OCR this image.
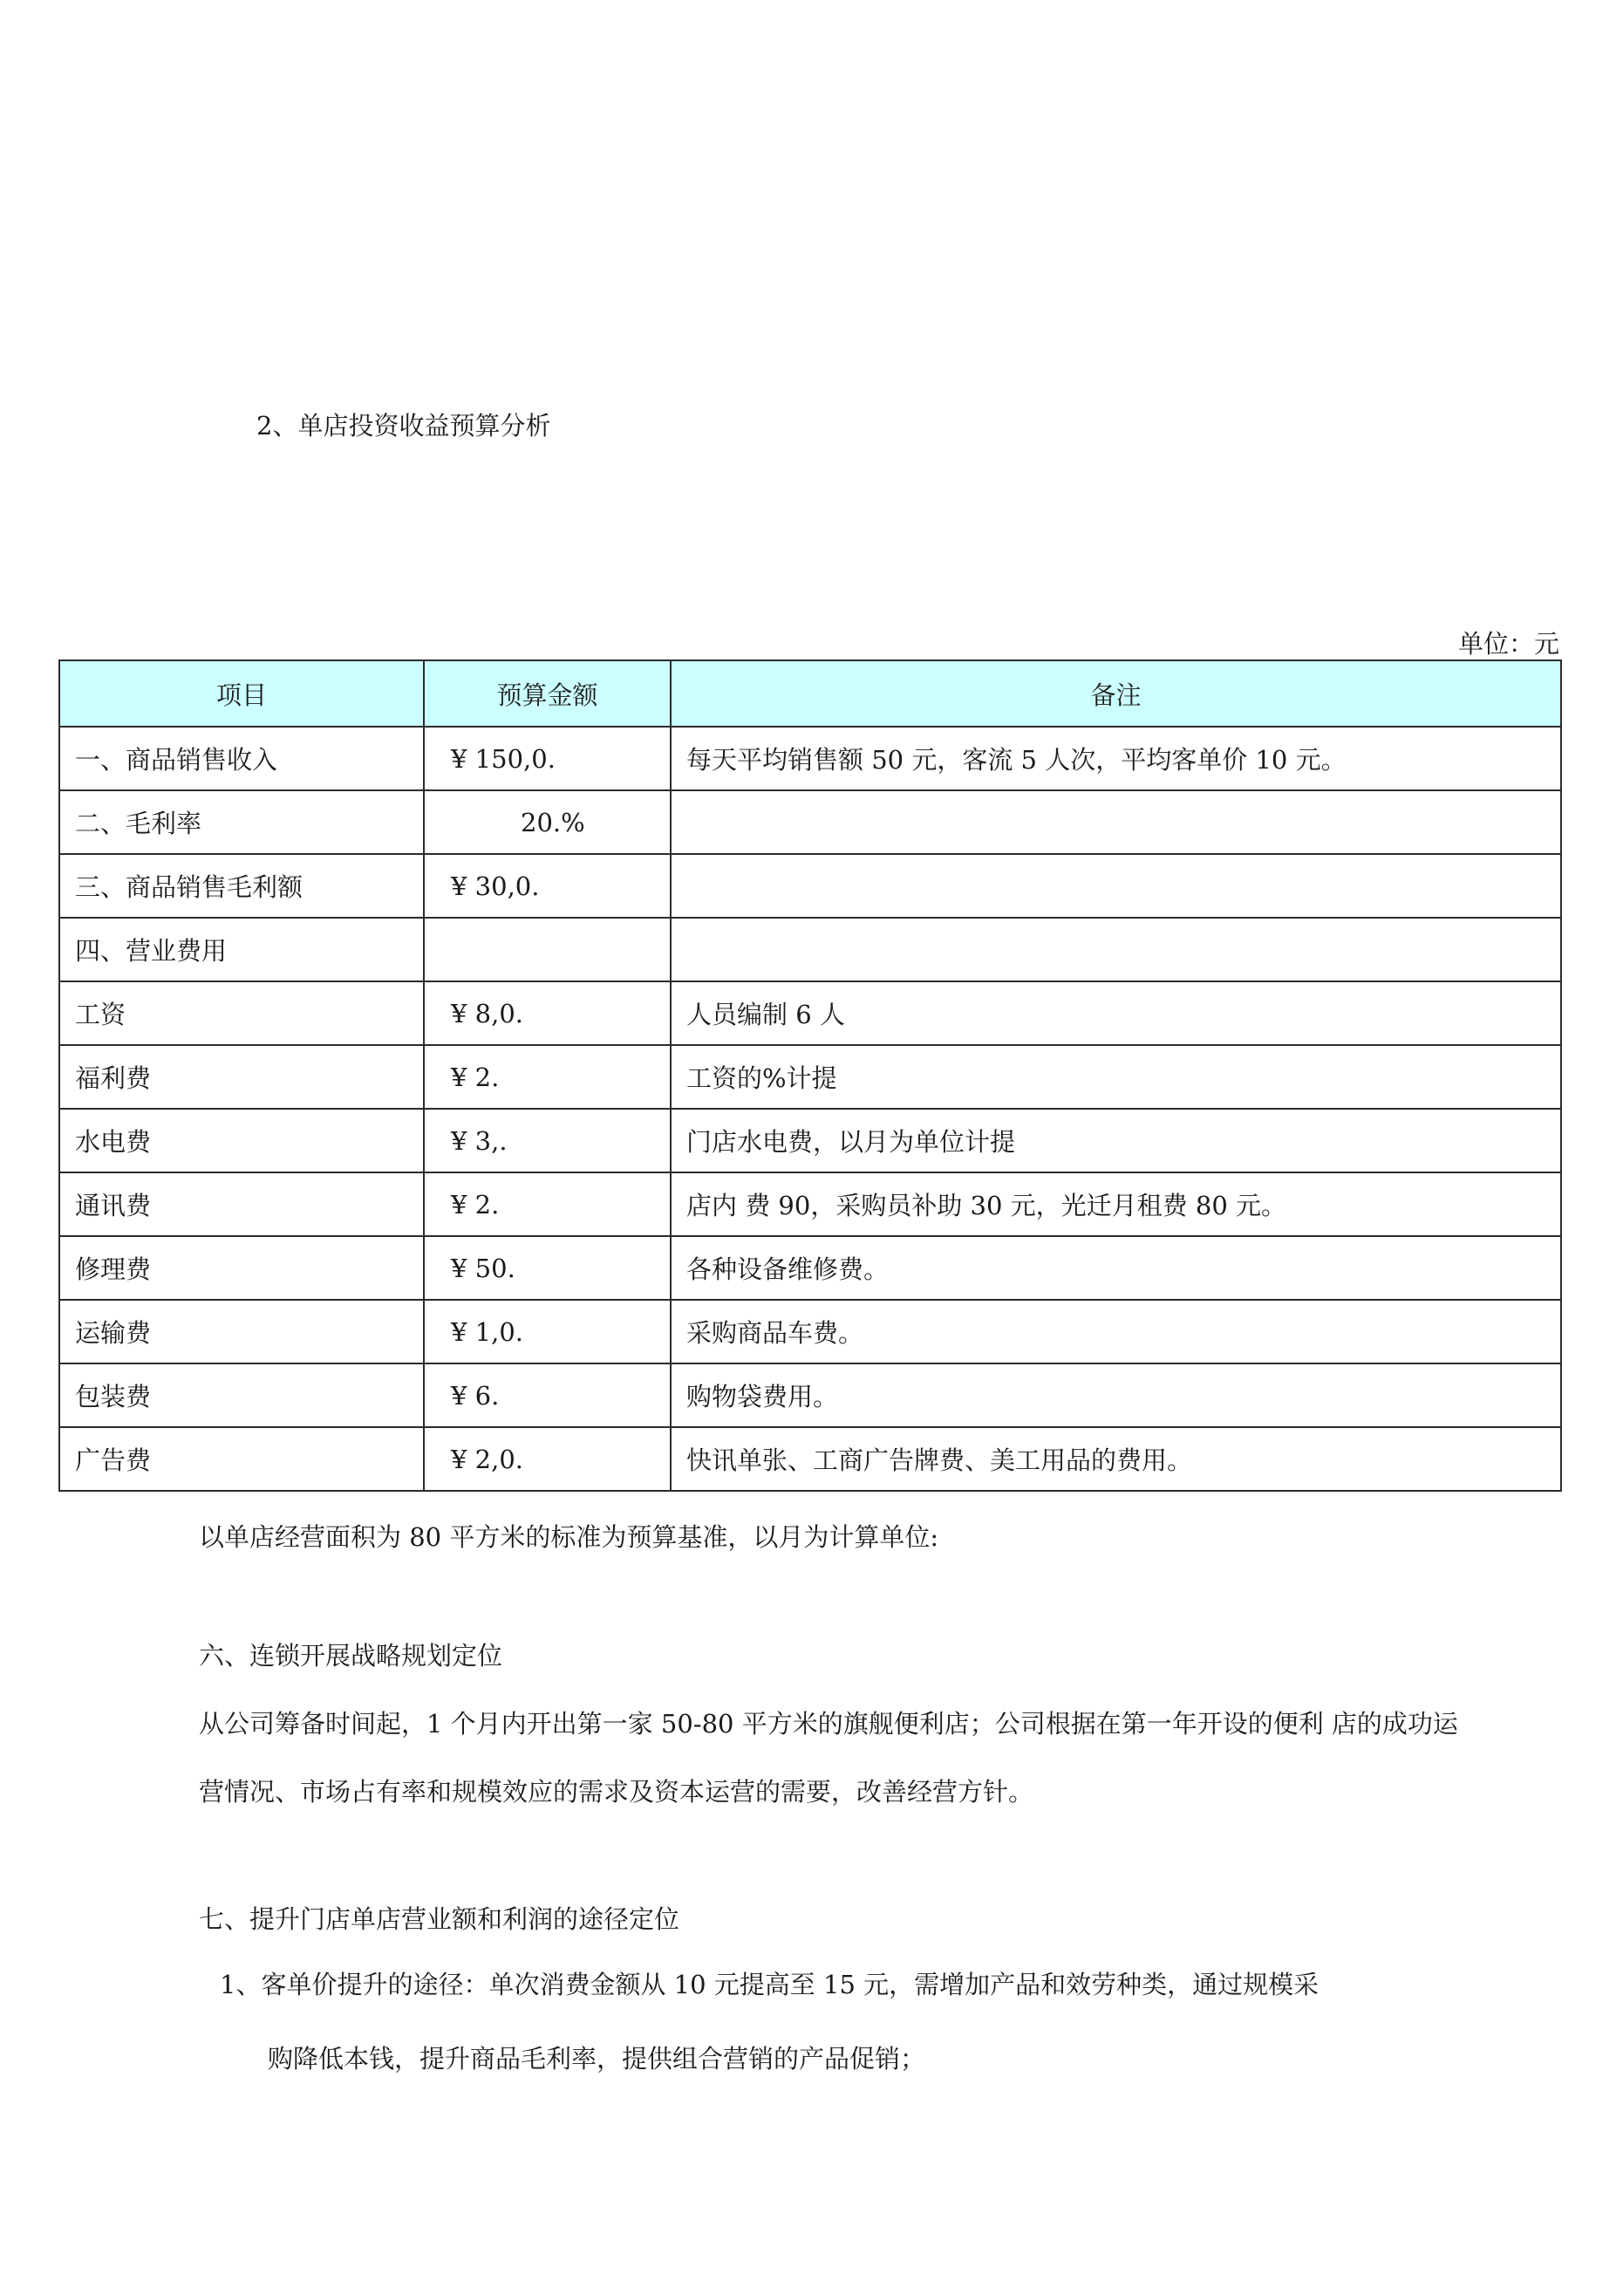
2、单店投资收益预算分析
单位：元
项目	预算金额	备注
一、商品销售收入	¥ 150,0.	每天平均销售额 50 元，客流 5 人次，平均客单价 10 元。
二、毛利率	20.%	
三、商品销售毛利额	¥ 30,0.	
四、营业费用		
工资	¥ 8,0.	人员编制 6 人
福利费	¥ 2.	工资的%计提
水电费	¥ 3,.	门店水电费，以月为单位计提
通讯费	¥ 2.	店内 费 90，采购员补助 30 元，光迁月租费 80 元。
修理费	¥ 50.	各种设备维修费。
运输费	¥ 1,0.	采购商品车费。
包装费	¥ 6.	购物袋费用。
广告费	¥ 2,0.	快讯单张、工商广告牌费、美工用品的费用。
以单店经营面积为 80 平方米的标准为预算基准，以月为计算单位:
六、连锁开展战略规划定位
从公司筹备时间起，1 个月内开出第一家 50-80 平方米的旗舰便利店；公司根据在第一年开设的便利 店的成功运
营情况、市场占有率和规模效应的需求及资本运营的需要，改善经营方针。
七、提升门店单店营业额和利润的途径定位
1、客单价提升的途径：单次消费金额从 10 元提高至 15 元，需增加产品和效劳种类，通过规模采
购降低本钱，提升商品毛利率，提供组合营销的产品促销；
